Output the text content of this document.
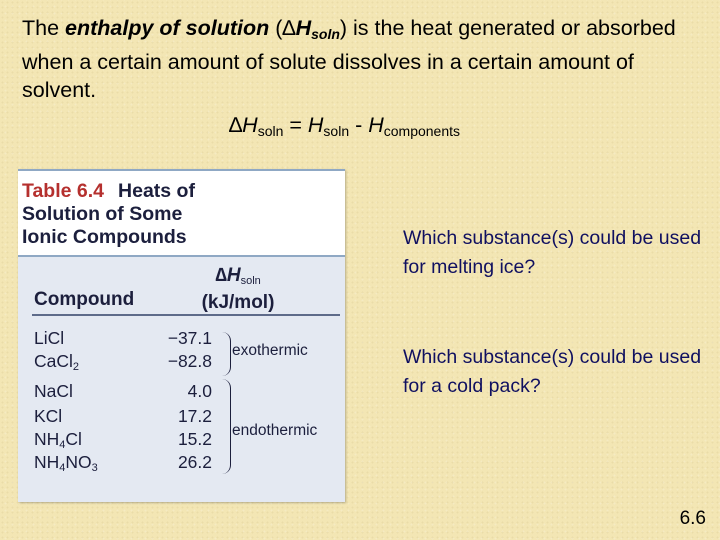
The enthalpy of solution $(\Delta H_{soln})$ is the heat generated or absorbed when a certain amount of solute dissolves in a certain amount of solvent.

$\Delta H_{soln} = H_{soln} - H_{components}$

Table 6.4 Heats of
Solution of Some
Ionic Compounds

$\Delta H_{soln}$
(kJ/mol)
Compound
LiCl	−37.1
CaCl$_2$	−82.8
NaCl	4.0
KCl	17.2
$NH_4Cl$	15.2
$NH_4NO_3$	26.2
exothermic
endothermic

Which substance(s) could be used for melting ice?

Which substance(s) could be used for a cold pack?

6.6
